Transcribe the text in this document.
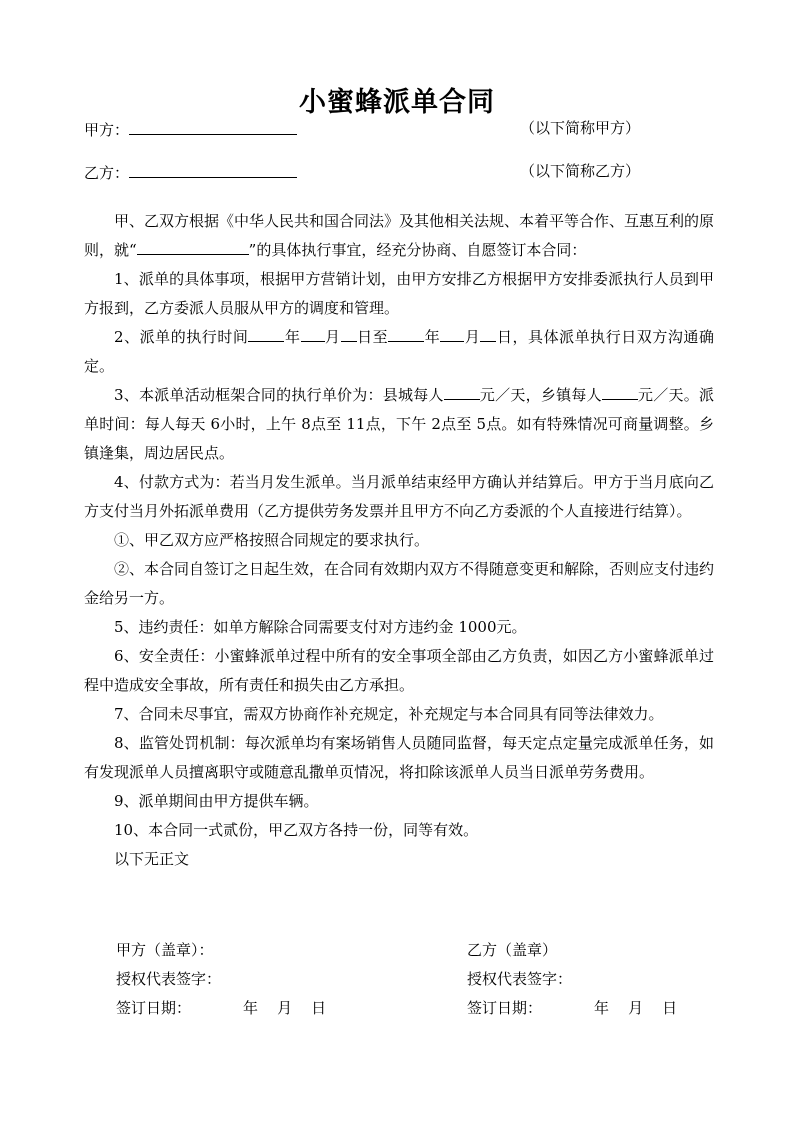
小蜜蜂派单合同
甲方：	（以下简称甲方）
乙方：	（以下简称乙方）

甲、乙双方根据《中华人民共和国合同法》及其他相关法规、本着平等合作、互惠互利的原则，就“	”的具体执行事宜，经充分协商、自愿签订本合同：

1、派单的具体事项，根据甲方营销计划，由甲方安排乙方根据甲方安排委派执行人员到甲方报到，乙方委派人员服从甲方的调度和管理。

2、派单的执行时间 年 月 日至 年 月 日，具体派单执行日双方沟通确定。

3、本派单活动框架合同的执行单价为：县城每人 元／天，乡镇每人 元／天。派单时间：每人每天 6小时，上午 8点至 11点，下午 2点至 5点。如有特殊情况可商量调整。乡镇逢集，周边居民点。

4、付款方式为：若当月发生派单。当月派单结束经甲方确认并结算后。甲方于当月底向乙方支付当月外拓派单费用（乙方提供劳务发票并且甲方不向乙方委派的个人直接进行结算）。

①、甲乙双方应严格按照合同规定的要求执行。

②、本合同自签订之日起生效，在合同有效期内双方不得随意变更和解除，否则应支付违约金给另一方。

5、违约责任：如单方解除合同需要支付对方违约金 1000元。

6、安全责任：小蜜蜂派单过程中所有的安全事项全部由乙方负责，如因乙方小蜜蜂派单过程中造成安全事故，所有责任和损失由乙方承担。

7、合同未尽事宜，需双方协商作补充规定，补充规定与本合同具有同等法律效力。

8、监管处罚机制：每次派单均有案场销售人员随同监督，每天定点定量完成派单任务，如有发现派单人员擅离职守或随意乱撒单页情况，将扣除该派单人员当日派单劳务费用。

9、派单期间由甲方提供车辆。

10、本合同一式贰份，甲乙双方各持一份，同等有效。

以下无正文

甲方（盖章）：
授权代表签字：
签订日期：	年    月    日
乙方（盖章）
授权代表签字：
签订日期：	年    月    日
